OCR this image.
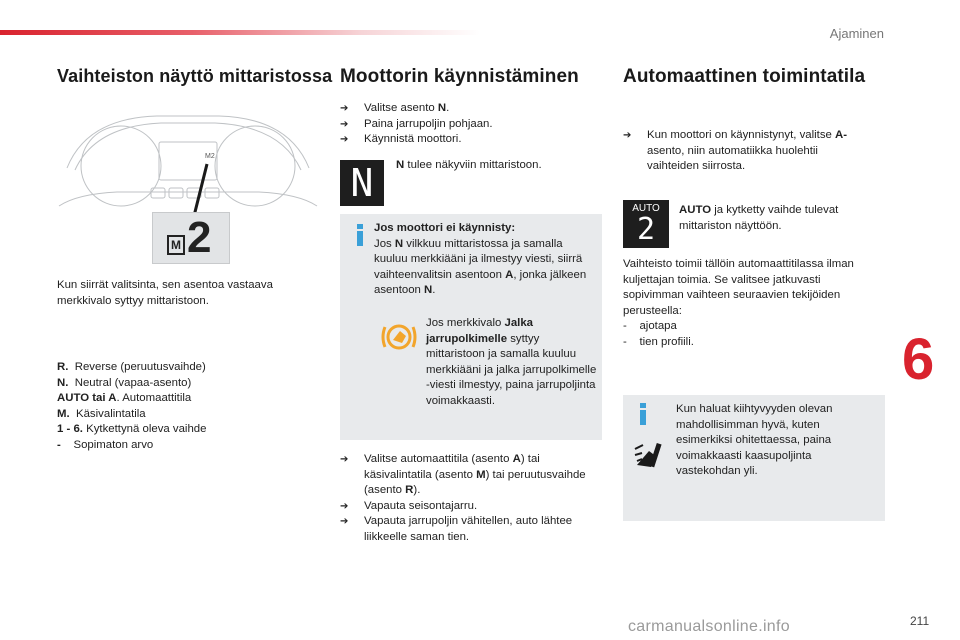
Ajaminen
Vaihteiston näyttö mittaristossa
M2
M 2
Kun siirrät valitsinta, sen asentoa vastaava merkkivalo syttyy mittaristoon.

R. Reverse (peruutusvaihde)

N. Neutral (vapaa-asento)

AUTO tai A. Automaattitila

M. Käsivalintatila

1 - 6. Kytkettynä oleva vaihde

- Sopimaton arvo

Moottorin käynnistäminen

➔ Valitse asento N.

➔ Paina jarrupoljin pohjaan.

➔ Käynnistä moottori.

N	N tulee näkyviin mittaristoon.

Jos moottori ei käynnisty:

Jos N vilkkuu mittaristossa ja samalla kuuluu merkkiääni ja ilmestyy viesti, siirrä vaihteenvalitsin asentoon A, jonka jälkeen asentoon N.

Jos merkkivalo Jalka jarrupolkimelle syttyy mittaristoon ja samalla kuuluu merkkiääni ja jalka jarrupolkimelle -viesti ilmestyy, paina jarrupoljinta voimakkaasti.

➔ Valitse automaattitila (asento A) tai käsivalintatila (asento M) tai peruutusvaihde (asento R).

➔ Vapauta seisontajarru.

➔ Vapauta jarrupoljin vähitellen, auto lähtee liikkeelle saman tien.

Automaattinen toimintatila

➔ Kun moottori on käynnistynyt, valitse A-asento, niin automatiikka huolehtii vaihteiden siirrosta.

AUTO
2
AUTO ja kytketty vaihde tulevat mittariston näyttöön.

Vaihteisto toimii tällöin automaattitilassa ilman kuljettajan toimia. Se valitsee jatkuvasti sopivimman vaihteen seuraavien tekijöiden perusteella:

-    ajotapa

-    tien profiili.

Kun haluat kiihtyvyyden olevan mahdollisimman hyvä, kuten esimerkiksi ohitettaessa, paina voimakkaasti kaasupoljinta vastekohdan yli.
6
211
carmanualsonline.info
